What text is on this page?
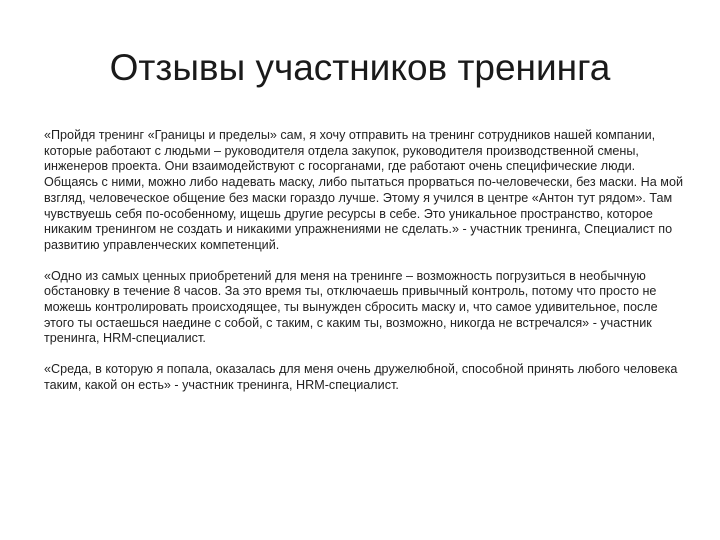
Отзывы участников тренинга

«Пройдя тренинг «Границы и пределы» сам, я хочу отправить на тренинг сотрудников нашей компании, которые работают с людьми – руководителя отдела закупок, руководителя производственной смены, инженеров проекта. Они взаимодействуют с госорганами, где работают очень специфические люди. Общаясь с ними, можно либо надевать маску, либо пытаться прорваться по-человечески, без маски. На мой взгляд, человеческое общение без маски гораздо лучше. Этому я учился в центре «Антон тут рядом». Там чувствуешь себя по-особенному, ищешь другие ресурсы в себе. Это уникальное пространство, которое никаким тренингом не создать и никакими упражнениями не сделать.» - участник тренинга, Специалист по развитию управленческих компетенций.

«Одно из самых ценных приобретений для меня на тренинге – возможность погрузиться в необычную обстановку в течение 8 часов. За это время ты, отключаешь привычный контроль, потому что просто не можешь контролировать происходящее, ты вынужден сбросить маску и, что самое удивительное, после этого ты остаешься наедине с собой, с таким, с каким ты, возможно, никогда не встречался» - участник тренинга, HRM-специалист.

«Среда, в которую я попала, оказалась для меня очень дружелюбной, способной принять любого человека таким, какой он есть» - участник тренинга, HRM-специалист.
